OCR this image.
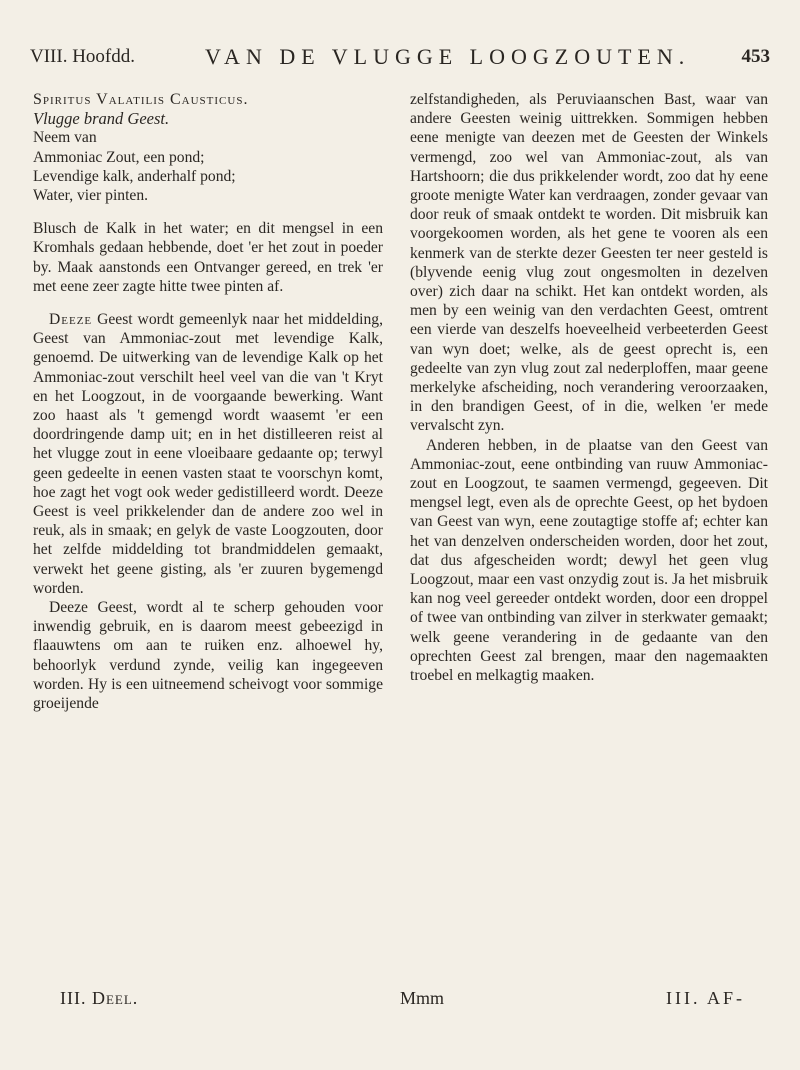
VIII. Hoofdd.	VAN DE VLUGGE LOOGZOUTEN.	453

Spiritus Valatilis Causticus.

Vlugge brand Geest.

Neem van

Ammoniac Zout, een pond;

Levendige kalk, anderhalf pond;

Water, vier pinten.

Blusch de Kalk in het water; en dit mengsel in een Kromhals gedaan hebbende, doet 'er het zout in poeder by. Maak aanstonds een Ontvanger gereed, en trek 'er met eene zeer zagte hitte twee pinten af.

Deeze Geest wordt gemeenlyk naar het middelding, Geest van Ammoniac-zout met levendige Kalk, genoemd. De uitwerking van de levendige Kalk op het Ammoniac-zout verschilt heel veel van die van 't Kryt en het Loogzout, in de voorgaande bewerking. Want zoo haast als 't gemengd wordt waasemt 'er een doordringende damp uit; en in het distilleeren reist al het vlugge zout in eene vloeibaare gedaante op; terwyl geen gedeelte in eenen vasten staat te voorschyn komt, hoe zagt het vogt ook weder gedistilleerd wordt. Deeze Geest is veel prikkelender dan de andere zoo wel in reuk, als in smaak; en gelyk de vaste Loogzouten, door het zelfde middelding tot brandmiddelen gemaakt, verwekt het geene gisting, als 'er zuuren bygemengd worden.

Deeze Geest, wordt al te scherp gehouden voor inwendig gebruik, en is daarom meest gebeezigd in flaauwtens om aan te ruiken enz. alhoewel hy, behoorlyk verdund zynde, veilig kan ingegeeven worden. Hy is een uitneemend scheivogt voor sommige groeijende

zelfstandigheden, als Peruviaanschen Bast, waar van andere Geesten weinig uittrekken. Sommigen hebben eene menigte van deezen met de Geesten der Winkels vermengd, zoo wel van Ammoniac-zout, als van Hartshoorn; die dus prikkelender wordt, zoo dat hy eene groote menigte Water kan verdraagen, zonder gevaar van door reuk of smaak ontdekt te worden. Dit misbruik kan voorgekoomen worden, als het gene te vooren als een kenmerk van de sterkte dezer Geesten ter neer gesteld is (blyvende eenig vlug zout ongesmolten in dezelven over) zich daar na schikt. Het kan ontdekt worden, als men by een weinig van den verdachten Geest, omtrent een vierde van deszelfs hoeveelheid verbeeterden Geest van wyn doet; welke, als de geest oprecht is, een gedeelte van zyn vlug zout zal nederploffen, maar geene merkelyke afscheiding, noch verandering veroorzaaken, in den brandigen Geest, of in die, welken 'er mede vervalscht zyn.

Anderen hebben, in de plaatse van den Geest van Ammoniac-zout, eene ontbinding van ruuw Ammoniac-zout en Loogzout, te saamen vermengd, gegeeven. Dit mengsel legt, even als de oprechte Geest, op het bydoen van Geest van wyn, eene zoutagtige stoffe af; echter kan het van denzelven onderscheiden worden, door het zout, dat dus afgescheiden wordt; dewyl het geen vlug Loogzout, maar een vast onzydig zout is. Ja het misbruik kan nog veel gereeder ontdekt worden, door een droppel of twee van ontbinding van zilver in sterkwater gemaakt; welk geene verandering in de gedaante van den oprechten Geest zal brengen, maar den nagemaakten troebel en melkagtig maaken.

III. Deel.	Mmm	III. AF-
